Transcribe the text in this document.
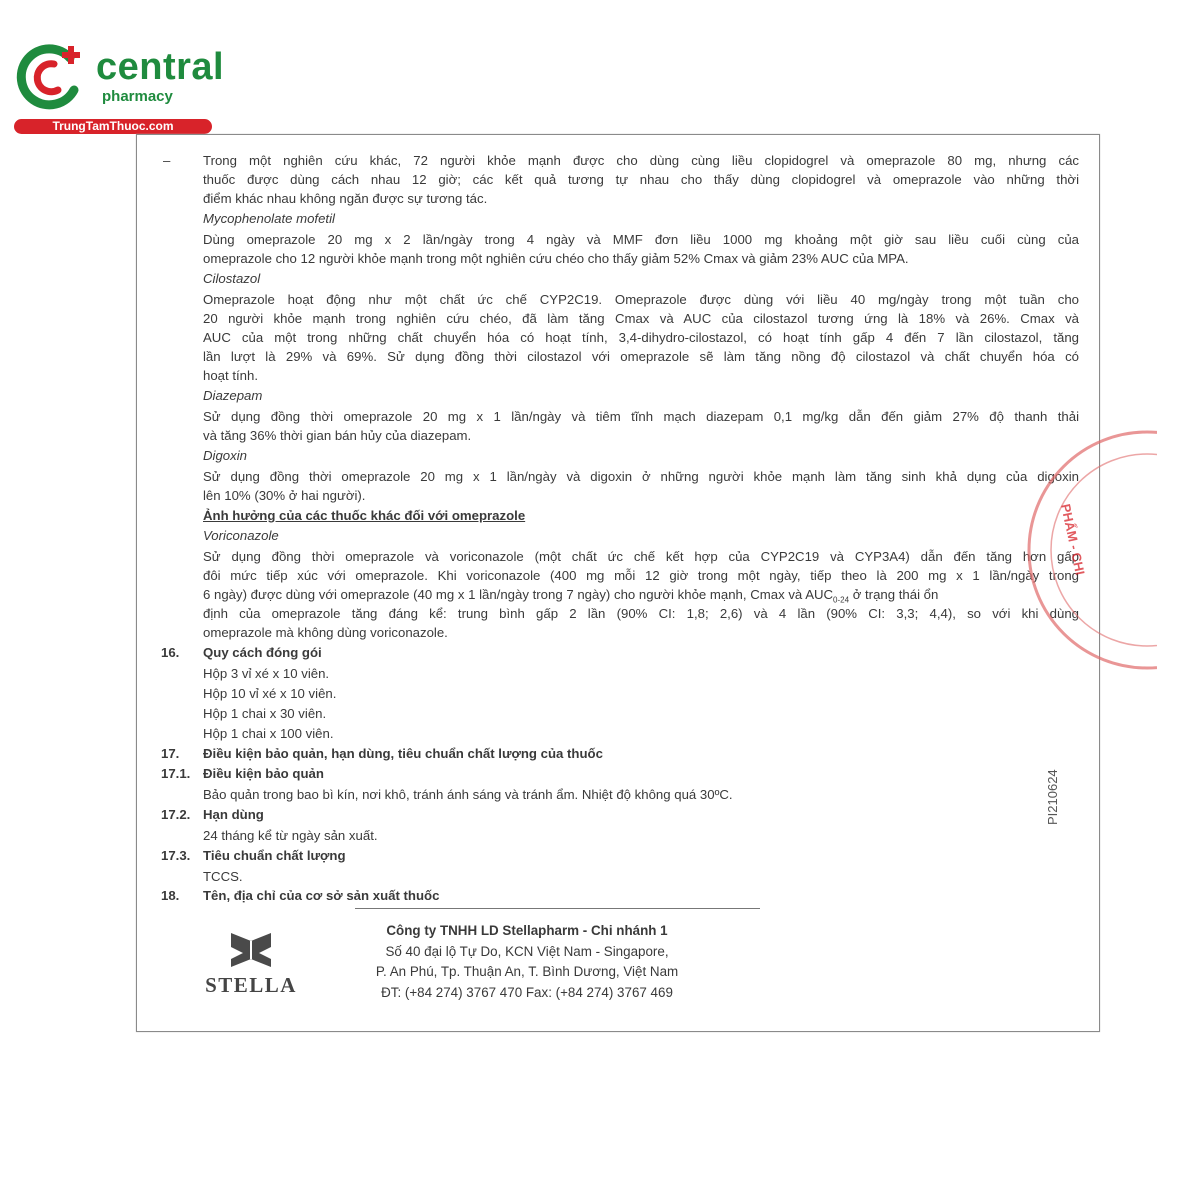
central
pharmacy
TrungTamThuoc.com
– Trong một nghiên cứu khác, 72 người khỏe mạnh được cho dùng cùng liều clopidogrel và omeprazole 80 mg, nhưng các
thuốc được dùng cách nhau 12 giờ; các kết quả tương tự nhau cho thấy dùng clopidogrel và omeprazole vào những thời
điểm khác nhau không ngăn được sự tương tác.
Mycophenolate mofetil
Dùng omeprazole 20 mg x 2 lần/ngày trong 4 ngày và MMF đơn liều 1000 mg khoảng một giờ sau liều cuối cùng của
omeprazole cho 12 người khỏe mạnh trong một nghiên cứu chéo cho thấy giảm 52% Cmax và giảm 23% AUC của MPA.
Cilostazol
Omeprazole hoạt động như một chất ức chế CYP2C19. Omeprazole được dùng với liều 40 mg/ngày trong một tuần cho
20 người khỏe mạnh trong nghiên cứu chéo, đã làm tăng Cmax và AUC của cilostazol tương ứng là 18% và 26%. Cmax và
AUC của một trong những chất chuyển hóa có hoạt tính, 3,4-dihydro-cilostazol, có hoạt tính gấp 4 đến 7 lần cilostazol, tăng
lần lượt là 29% và 69%. Sử dụng đồng thời cilostazol với omeprazole sẽ làm tăng nồng độ cilostazol và chất chuyển hóa có
hoạt tính.
Diazepam
Sử dụng đồng thời omeprazole 20 mg x 1 lần/ngày và tiêm tĩnh mạch diazepam 0,1 mg/kg dẫn đến giảm 27% độ thanh thải
và tăng 36% thời gian bán hủy của diazepam.
Digoxin
Sử dụng đồng thời omeprazole 20 mg x 1 lần/ngày và digoxin ở những người khỏe mạnh làm tăng sinh khả dụng của digoxin
lên 10% (30% ở hai người).
Ảnh hưởng của các thuốc khác đối với omeprazole
Voriconazole
Sử dụng đồng thời omeprazole và voriconazole (một chất ức chế kết hợp của CYP2C19 và CYP3A4) dẫn đến tăng hơn gấp
đôi mức tiếp xúc với omeprazole. Khi voriconazole (400 mg mỗi 12 giờ trong một ngày, tiếp theo là 200 mg x 1 lần/ngày trong
6 ngày) được dùng với omeprazole (40 mg x 1 lần/ngày trong 7 ngày) cho người khỏe mạnh, Cmax và $AUC_{0-24}$ ở trạng thái ổn
định của omeprazole tăng đáng kể: trung bình gấp 2 lần (90% CI: 1,8; 2,6) và 4 lần (90% CI: 3,3; 4,4), so với khi dùng
omeprazole mà không dùng voriconazole.
16. Quy cách đóng gói
Hộp 3 vỉ xé x 10 viên.
Hộp 10 vỉ xé x 10 viên.
Hộp 1 chai x 30 viên.
Hộp 1 chai x 100 viên.
17. Điều kiện bảo quản, hạn dùng, tiêu chuẩn chất lượng của thuốc
17.1. Điều kiện bảo quản
Bảo quản trong bao bì kín, nơi khô, tránh ánh sáng và tránh ẩm. Nhiệt độ không quá 30ºC.
17.2. Hạn dùng
24 tháng kể từ ngày sản xuất.
17.3. Tiêu chuẩn chất lượng
TCCS.
18. Tên, địa chỉ của cơ sở sản xuất thuốc
STELLA
Công ty TNHH LD Stellapharm - Chi nhánh 1
Số 40 đại lộ Tự Do, KCN Việt Nam - Singapore,
P. An Phú, Tp. Thuận An, T. Bình Dương, Việt Nam
ĐT: (+84 274) 3767 470 Fax: (+84 274) 3767 469
PI210624
PHẨM - CHI
